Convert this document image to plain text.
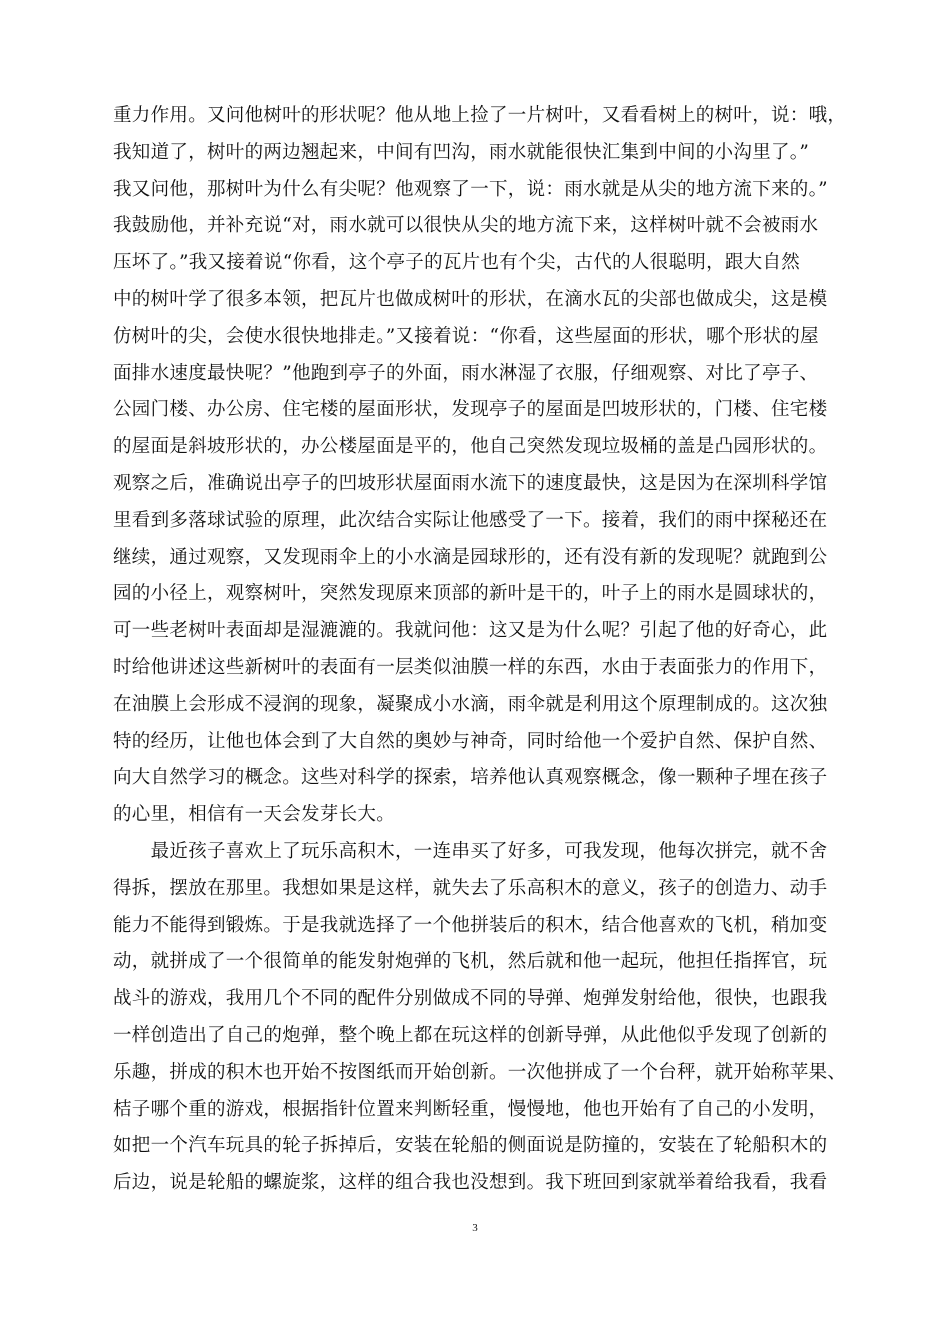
重力作用。又问他树叶的形状呢？他从地上捡了一片树叶，又看看树上的树叶，说：哦，
我知道了，树叶的两边翘起来，中间有凹沟，雨水就能很快汇集到中间的小沟里了。”
我又问他，那树叶为什么有尖呢？他观察了一下，说：雨水就是从尖的地方流下来的。”
我鼓励他，并补充说“对，雨水就可以很快从尖的地方流下来，这样树叶就不会被雨水
压坏了。”我又接着说“你看，这个亭子的瓦片也有个尖，古代的人很聪明，跟大自然
中的树叶学了很多本领，把瓦片也做成树叶的形状，在滴水瓦的尖部也做成尖，这是模
仿树叶的尖，会使水很快地排走。”又接着说：“你看，这些屋面的形状，哪个形状的屋
面排水速度最快呢？”他跑到亭子的外面，雨水淋湿了衣服，仔细观察、对比了亭子、
公园门楼、办公房、住宅楼的屋面形状，发现亭子的屋面是凹坡形状的，门楼、住宅楼
的屋面是斜坡形状的，办公楼屋面是平的，他自己突然发现垃圾桶的盖是凸园形状的。
观察之后，准确说出亭子的凹坡形状屋面雨水流下的速度最快，这是因为在深圳科学馆
里看到多落球试验的原理，此次结合实际让他感受了一下。接着，我们的雨中探秘还在
继续，通过观察，又发现雨伞上的小水滴是园球形的，还有没有新的发现呢？就跑到公
园的小径上，观察树叶，突然发现原来顶部的新叶是干的，叶子上的雨水是圆球状的，
可一些老树叶表面却是湿漉漉的。我就问他：这又是为什么呢？引起了他的好奇心，此
时给他讲述这些新树叶的表面有一层类似油膜一样的东西，水由于表面张力的作用下，
在油膜上会形成不浸润的现象，凝聚成小水滴，雨伞就是利用这个原理制成的。这次独
特的经历，让他也体会到了大自然的奥妙与神奇，同时给他一个爱护自然、保护自然、
向大自然学习的概念。这些对科学的探索，培养他认真观察概念，像一颗种子埋在孩子
的心里，相信有一天会发芽长大。
　　最近孩子喜欢上了玩乐高积木，一连串买了好多，可我发现，他每次拼完，就不舍
得拆，摆放在那里。我想如果是这样，就失去了乐高积木的意义，孩子的创造力、动手
能力不能得到锻炼。于是我就选择了一个他拼装后的积木，结合他喜欢的飞机，稍加变
动，就拼成了一个很简单的能发射炮弹的飞机，然后就和他一起玩，他担任指挥官，玩
战斗的游戏，我用几个不同的配件分别做成不同的导弹、炮弹发射给他，很快，也跟我
一样创造出了自己的炮弹，整个晚上都在玩这样的创新导弹，从此他似乎发现了创新的
乐趣，拼成的积木也开始不按图纸而开始创新。一次他拼成了一个台秤，就开始称苹果、
桔子哪个重的游戏，根据指针位置来判断轻重，慢慢地，他也开始有了自己的小发明，
如把一个汽车玩具的轮子拆掉后，安装在轮船的侧面说是防撞的，安装在了轮船积木的
后边，说是轮船的螺旋浆，这样的组合我也没想到。我下班回到家就举着给我看，我看
3
